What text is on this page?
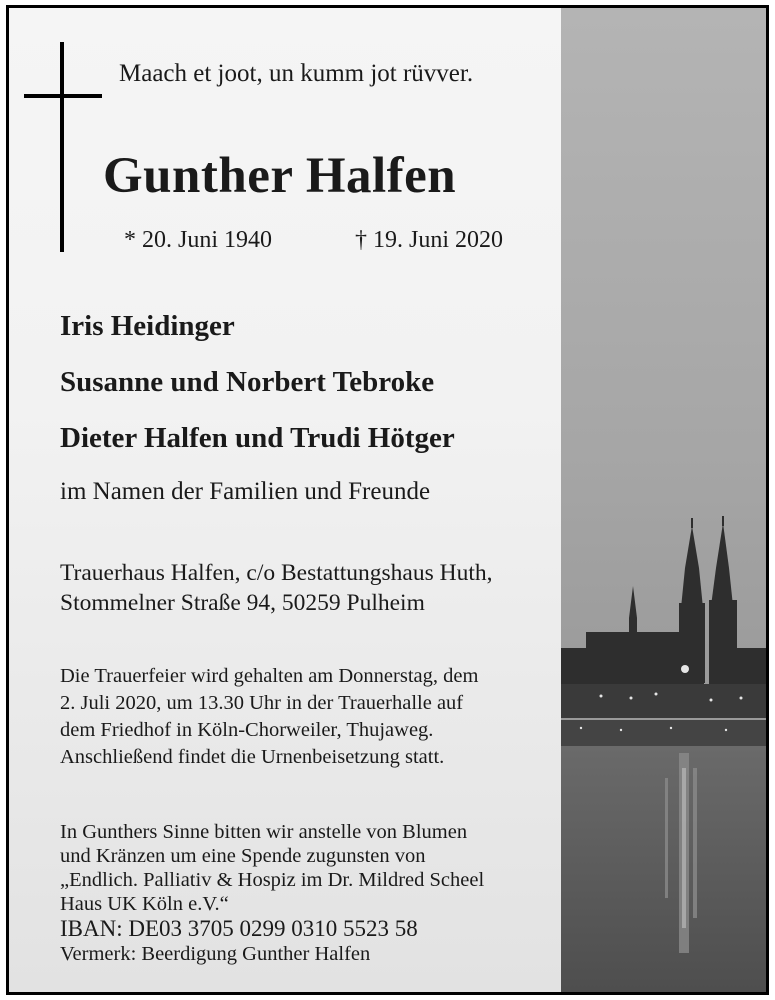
Maach et joot, un kumm jot rüvver.
Gunther Halfen
* 20. Juni 1940	† 19. Juni 2020
Iris Heidinger
Susanne und Norbert Tebroke
Dieter Halfen und Trudi Hötger
im Namen der Familien und Freunde
Trauerhaus Halfen, c/o Bestattungshaus Huth,
Stommelner Straße 94, 50259 Pulheim
Die Trauerfeier wird gehalten am Donnerstag, dem
2. Juli 2020, um 13.30 Uhr in der Trauerhalle auf
dem Friedhof in Köln-Chorweiler, Thujaweg.
Anschließend findet die Urnenbeisetzung statt.
In Gunthers Sinne bitten wir anstelle von Blumen
und Kränzen um eine Spende zugunsten von
„Endlich. Palliativ & Hospiz im Dr. Mildred Scheel
Haus UK Köln e.V.“
IBAN: DE03 3705 0299 0310 5523 58
Vermerk: Beerdigung Gunther Halfen
